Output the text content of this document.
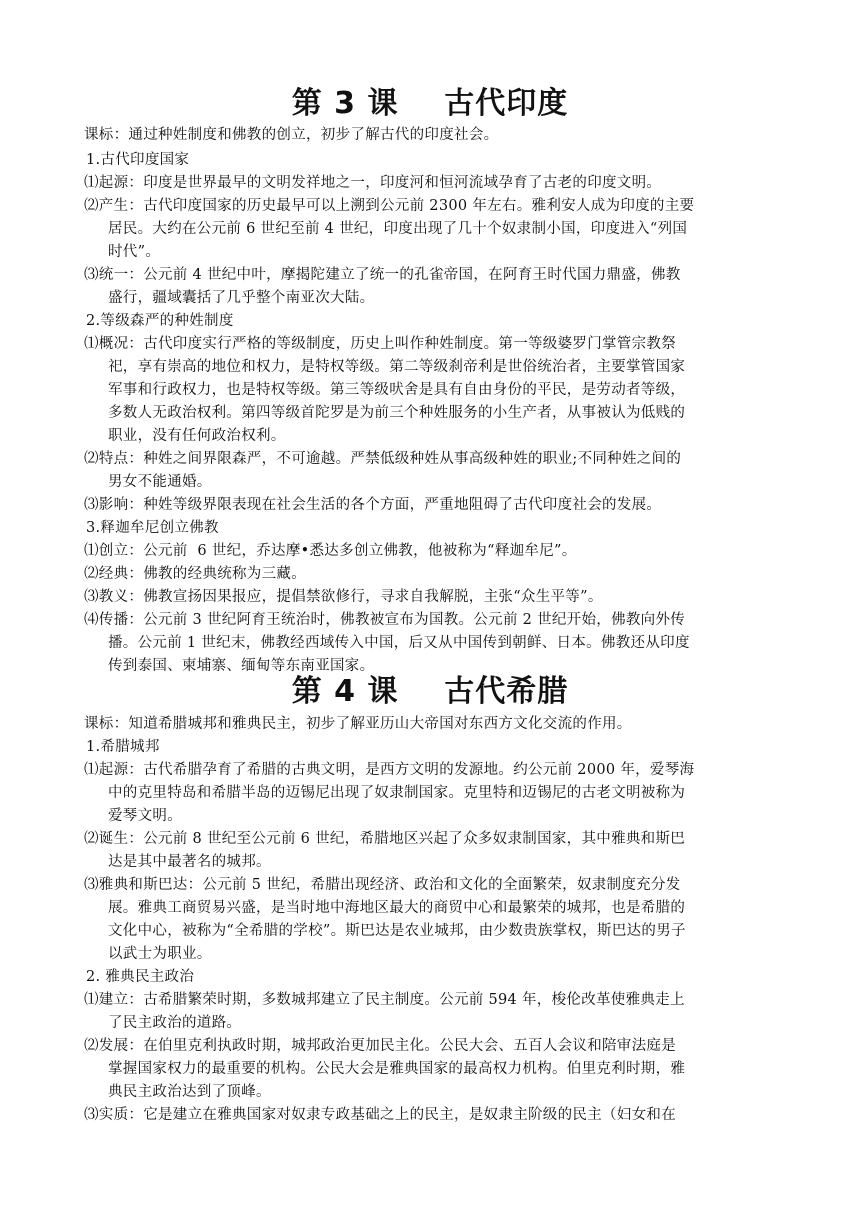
第 3 课    古代印度
课标：通过种姓制度和佛教的创立，初步了解古代的印度社会。
1.古代印度国家
⑴起源：印度是世界最早的文明发祥地之一，印度河和恒河流域孕育了古老的印度文明。
⑵产生：古代印度国家的历史最早可以上溯到公元前 2300 年左右。雅利安人成为印度的主要
居民。大约在公元前 6 世纪至前 4 世纪，印度出现了几十个奴隶制小国，印度进入“列国
时代”。
⑶统一：公元前 4 世纪中叶，摩揭陀建立了统一的孔雀帝国，在阿育王时代国力鼎盛，佛教
盛行，疆域囊括了几乎整个南亚次大陆。
2.等级森严的种姓制度
⑴概况：古代印度实行严格的等级制度，历史上叫作种姓制度。第一等级婆罗门掌管宗教祭
祀，享有崇高的地位和权力，是特权等级。第二等级刹帝利是世俗统治者，主要掌管国家
军事和行政权力，也是特权等级。第三等级吠舍是具有自由身份的平民，是劳动者等级，
多数人无政治权利。第四等级首陀罗是为前三个种姓服务的小生产者，从事被认为低贱的
职业，没有任何政治权利。
⑵特点：种姓之间界限森严，不可逾越。严禁低级种姓从事高级种姓的职业;不同种姓之间的
男女不能通婚。
⑶影响：种姓等级界限表现在社会生活的各个方面，严重地阻碍了古代印度社会的发展。
3.释迦牟尼创立佛教
⑴创立：公元前  6 世纪，乔达摩•悉达多创立佛教，他被称为“释迦牟尼”。
⑵经典：佛教的经典统称为三藏。
⑶教义：佛教宣扬因果报应，提倡禁欲修行，寻求自我解脱，主张“众生平等”。
⑷传播：公元前 3 世纪阿育王统治时，佛教被宣布为国教。公元前 2 世纪开始，佛教向外传
播。公元前 1 世纪末，佛教经西域传入中国，后又从中国传到朝鲜、日本。佛教还从印度
传到泰国、柬埔寨、缅甸等东南亚国家。
第 4 课    古代希腊
课标：知道希腊城邦和雅典民主，初步了解亚历山大帝国对东西方文化交流的作用。
1.希腊城邦
⑴起源：古代希腊孕育了希腊的古典文明，是西方文明的发源地。约公元前 2000 年，爱琴海
中的克里特岛和希腊半岛的迈锡尼出现了奴隶制国家。克里特和迈锡尼的古老文明被称为
爱琴文明。
⑵诞生：公元前 8 世纪至公元前 6 世纪，希腊地区兴起了众多奴隶制国家，其中雅典和斯巴
达是其中最著名的城邦。
⑶雅典和斯巴达：公元前 5 世纪，希腊出现经济、政治和文化的全面繁荣，奴隶制度充分发
展。雅典工商贸易兴盛，是当时地中海地区最大的商贸中心和最繁荣的城邦，也是希腊的
文化中心，被称为“全希腊的学校”。斯巴达是农业城邦，由少数贵族掌权，斯巴达的男子
以武士为职业。
2. 雅典民主政治
⑴建立：古希腊繁荣时期，多数城邦建立了民主制度。公元前 594 年，梭伦改革使雅典走上
了民主政治的道路。
⑵发展：在伯里克利执政时期，城邦政治更加民主化。公民大会、五百人会议和陪审法庭是
掌握国家权力的最重要的机构。公民大会是雅典国家的最高权力机构。伯里克利时期，雅
典民主政治达到了顶峰。
⑶实质：它是建立在雅典国家对奴隶专政基础之上的民主，是奴隶主阶级的民主（妇女和在
